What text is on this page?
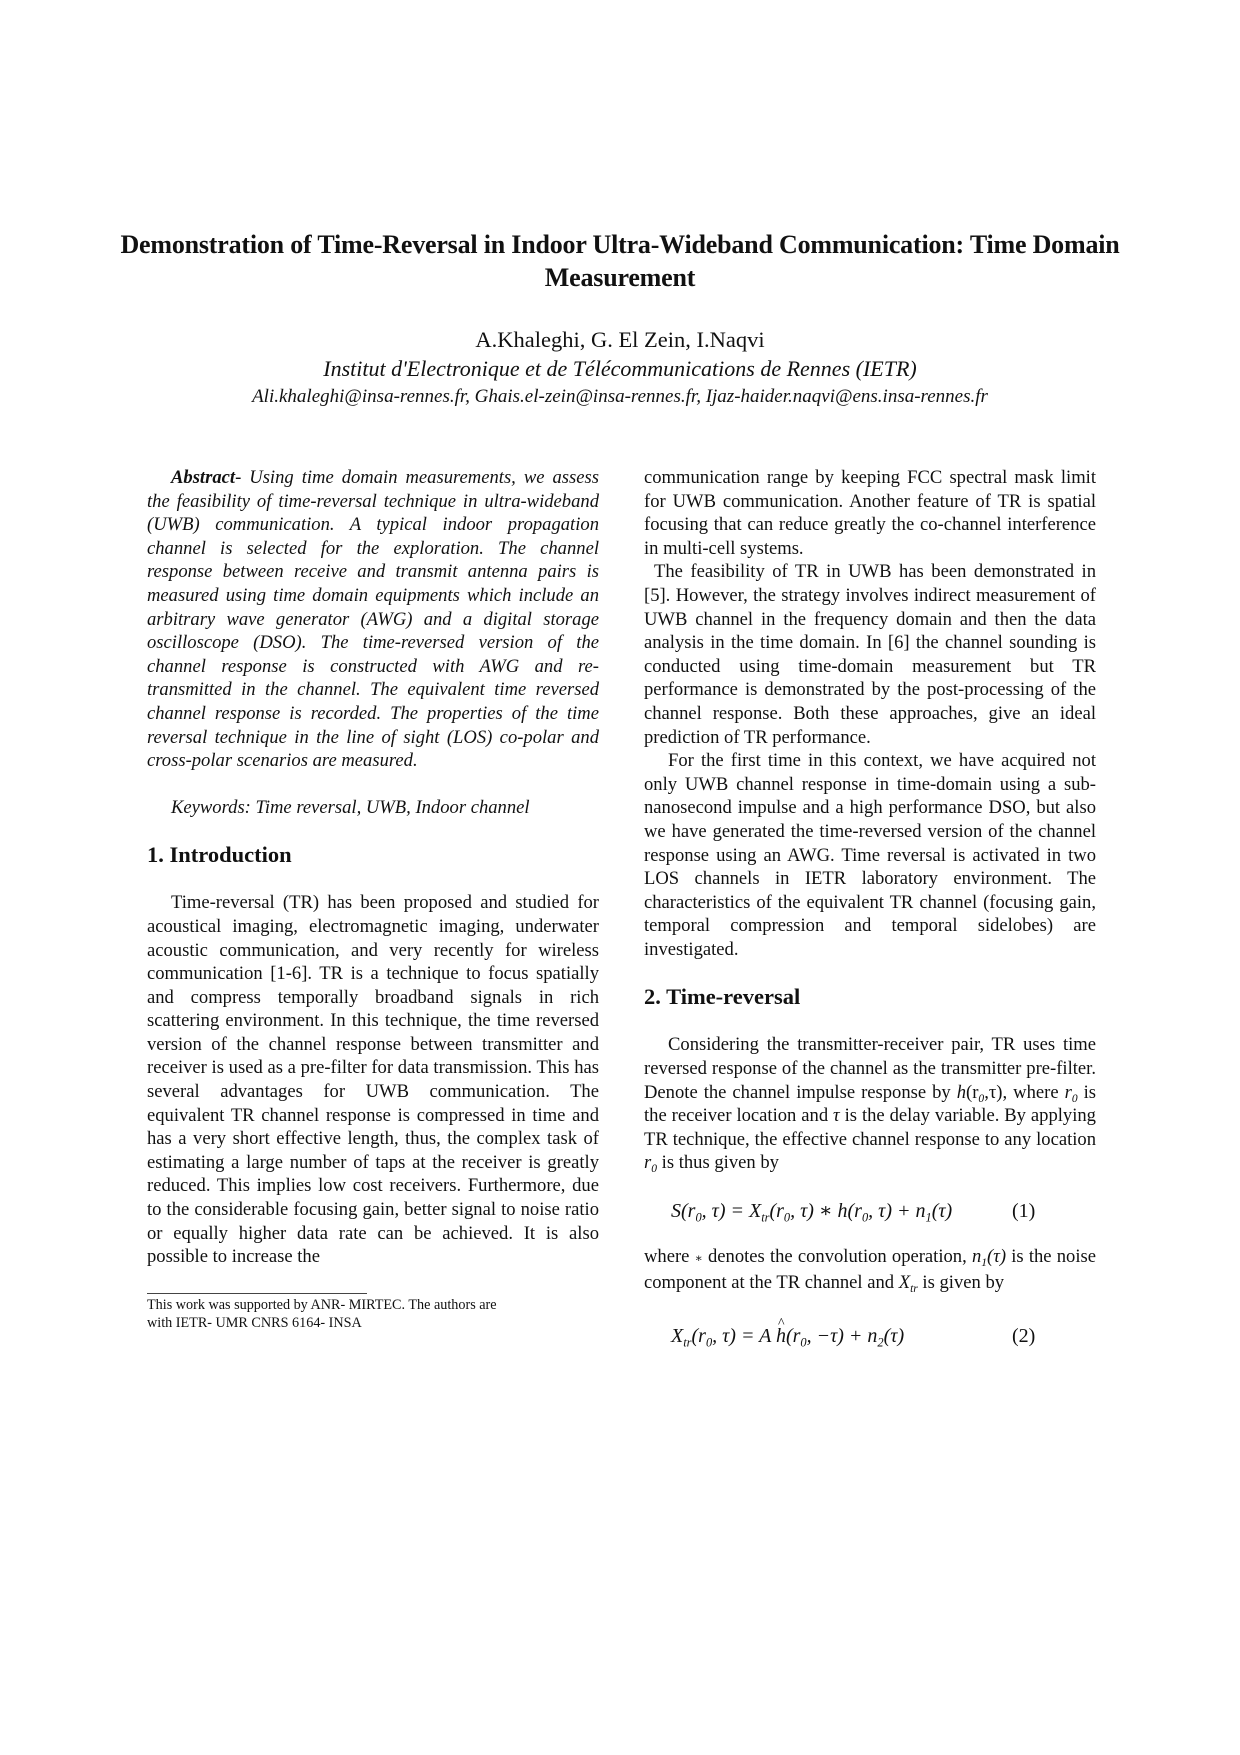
Demonstration of Time-Reversal in Indoor Ultra-Wideband Communication: Time Domain Measurement
A.Khaleghi, G. El Zein, I.Naqvi
Institut d'Electronique et de Télécommunications de Rennes (IETR)
Ali.khaleghi@insa-rennes.fr, Ghais.el-zein@insa-rennes.fr, Ijaz-haider.naqvi@ens.insa-rennes.fr

Abstract- Using time domain measurements, we assess the feasibility of time-reversal technique in ultra-wideband (UWB) communication. A typical indoor propagation channel is selected for the exploration. The channel response between receive and transmit antenna pairs is measured using time domain equipments which include an arbitrary wave generator (AWG) and a digital storage oscilloscope (DSO). The time-reversed version of the channel response is constructed with AWG and re-transmitted in the channel. The equivalent time reversed channel response is recorded. The properties of the time reversal technique in the line of sight (LOS) co-polar and cross-polar scenarios are measured.

Keywords: Time reversal, UWB, Indoor channel

1. Introduction

Time-reversal (TR) has been proposed and studied for acoustical imaging, electromagnetic imaging, underwater acoustic communication, and very recently for wireless communication [1-6]. TR is a technique to focus spatially and compress temporally broadband signals in rich scattering environment. In this technique, the time reversed version of the channel response between transmitter and receiver is used as a pre-filter for data transmission. This has several advantages for UWB communication. The equivalent TR channel response is compressed in time and has a very short effective length, thus, the complex task of estimating a large number of taps at the receiver is greatly reduced. This implies low cost receivers. Furthermore, due to the considerable focusing gain, better signal to noise ratio or equally higher data rate can be achieved. It is also possible to increase the

This work was supported by ANR- MIRTEC. The authors are
with IETR- UMR CNRS 6164- INSA

communication range by keeping FCC spectral mask limit for UWB communication. Another feature of TR is spatial focusing that can reduce greatly the co-channel interference in multi-cell systems.

The feasibility of TR in UWB has been demonstrated in [5]. However, the strategy involves indirect measurement of UWB channel in the frequency domain and then the data analysis in the time domain. In [6] the channel sounding is conducted using time-domain measurement but TR performance is demonstrated by the post-processing of the channel response. Both these approaches, give an ideal prediction of TR performance.

For the first time in this context, we have acquired not only UWB channel response in time-domain using a sub-nanosecond impulse and a high performance DSO, but also we have generated the time-reversed version of the channel response using an AWG. Time reversal is activated in two LOS channels in IETR laboratory environment. The characteristics of the equivalent TR channel (focusing gain, temporal compression and temporal sidelobes) are investigated.

2. Time-reversal

Considering the transmitter-receiver pair, TR uses time reversed response of the channel as the transmitter pre-filter. Denote the channel impulse response by $h(r_0,\tau)$, where $r_0$ is the receiver location and τ is the delay variable. By applying TR technique, the effective channel response to any location $r_0$ is thus given by

$S(r_0$, $\tau) = X_{tr}(r_0$, τ) ∗ $h(r_0$, $\tau) + n_1(\tau)$	(1)

where ∗ denotes the convolution operation, $n_1(\tau)$ is the noise component at the TR channel and $X_{tr}$ is given by

$X_{tr}(r_0$, τ) = A ^ $h(r_0$, $-\tau) + n_2(\tau)$	(2)
